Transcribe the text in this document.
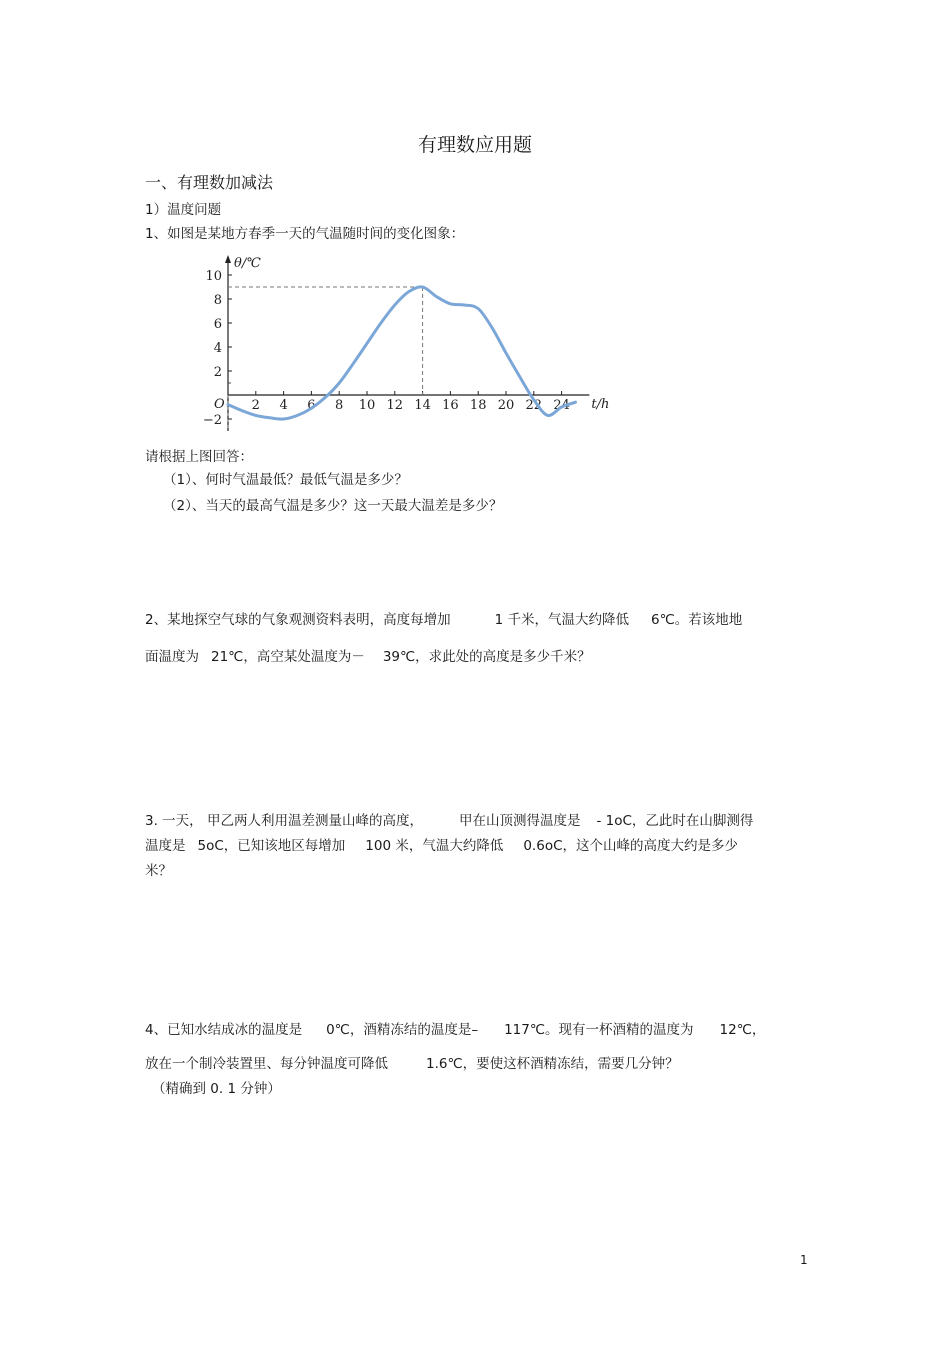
有理数应用题
一、有理数加减法
1）温度问题
1、如图是某地方春季一天的气温随时间的变化图象：
θ/℃
t/h
O 2 4 6 8 10 12 14 16 18 20 22 24
−2
2
4
6
8
10
请根据上图回答：
（1）、何时气温最低？最低气温是多少？
（2）、当天的最高气温是多少？这一天最大温差是多少？
2、某地探空气球的气象观测资料表明，高度每增加	1 千米，气温大约降低 6℃。若该地地
面温度为 21℃，高空某处温度为－ 39℃，求此处的高度是多少千米？
3. 一天， 甲乙两人利用温差测量山峰的高度，	甲在山顶测得温度是 - 1oC，乙此时在山脚测得
温度是 5oC，已知该地区每增加 100 米，气温大约降低 0.6oC，这个山峰的高度大约是多少
米？
4、已知水结成冰的温度是 0℃，酒精冻结的温度是– 117℃。现有一杯酒精的温度为 12℃，
放在一个制冷装置里、每分钟温度可降低	1.6℃，要使这杯酒精冻结，需要几分钟？
（精确到 0. 1 分钟）
1
